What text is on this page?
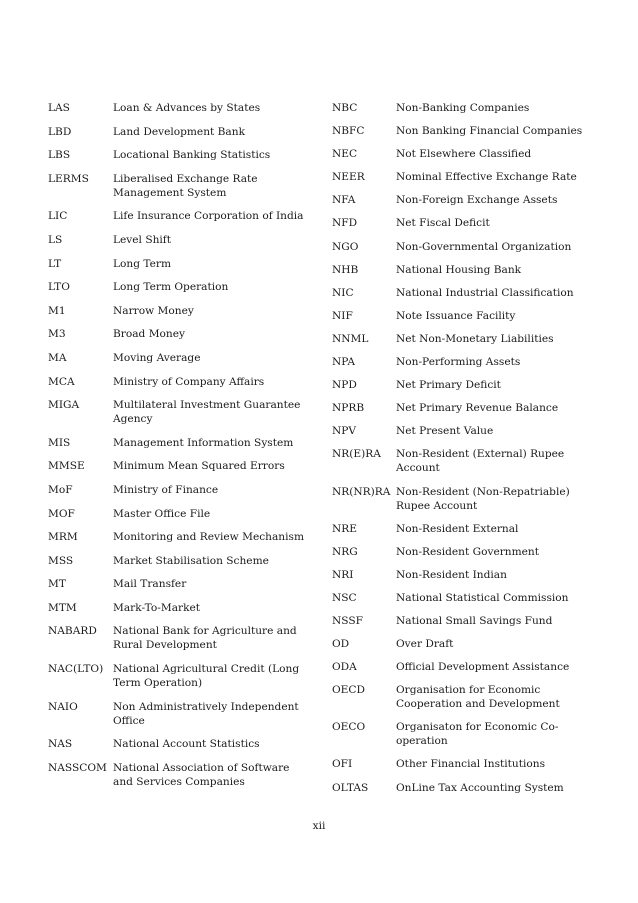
LAS	Loan & Advances by States
LBD	Land Development Bank
LBS	Locational Banking Statistics
LERMS	Liberalised Exchange Rate Management System
LIC	Life Insurance Corporation of India
LS	Level Shift
LT	Long Term
LTO	Long Term Operation
M1	Narrow Money
M3	Broad Money
MA	Moving Average
MCA	Ministry of Company Affairs
MIGA	Multilateral Investment Guarantee Agency
MIS	Management Information System
MMSE	Minimum Mean Squared Errors
MoF	Ministry of Finance
MOF	Master Office File
MRM	Monitoring and Review Mechanism
MSS	Market Stabilisation Scheme
MT	Mail Transfer
MTM	Mark-To-Market
NABARD	National Bank for Agriculture and Rural Development
NAC(LTO) National Agricultural Credit (Long Term Operation)
NAIO	Non Administratively Independent Office
NAS	National Account Statistics
NASSCOM National Association of Software and Services Companies
NBC	Non-Banking Companies
NBFC	Non Banking Financial Companies
NEC	Not Elsewhere Classified
NEER	Nominal Effective Exchange Rate
NFA	Non-Foreign Exchange Assets
NFD	Net Fiscal Deficit
NGO	Non-Governmental Organization
NHB	National Housing Bank
NIC	National Industrial Classification
NIF	Note Issuance Facility
NNML	Net Non-Monetary Liabilities
NPA	Non-Performing Assets
NPD	Net Primary Deficit
NPRB	Net Primary Revenue Balance
NPV	Net Present Value
NR(E)RA	Non-Resident (External) Rupee Account
NR(NR)RA Non-Resident (Non-Repatriable) Rupee Account
NRE	Non-Resident External
NRG	Non-Resident Government
NRI	Non-Resident Indian
NSC	National Statistical Commission
NSSF	National Small Savings Fund
OD	Over Draft
ODA	Official Development Assistance
OECD	Organisation for Economic Cooperation and Development
OECO	Organisaton for Economic Co-operation
OFI	Other Financial Institutions
OLTAS	OnLine Tax Accounting System
xii
